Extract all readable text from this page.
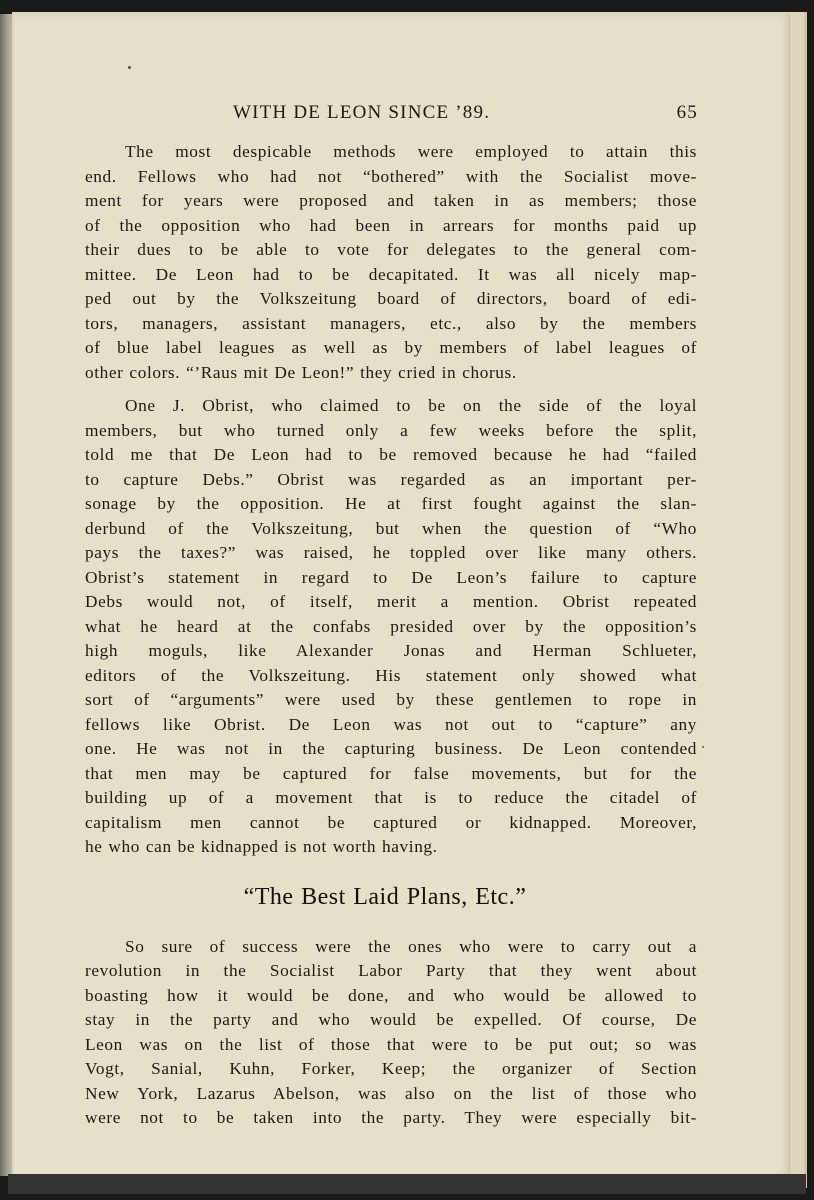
WITH DE LEON SINCE ’89.	65
The most despicable methods were employed to attain this
end. Fellows who had not “bothered” with the Socialist move-
ment for years were proposed and taken in as members; those
of the opposition who had been in arrears for months paid up
their dues to be able to vote for delegates to the general com-
mittee. De Leon had to be decapitated. It was all nicely map-
ped out by the Volkszeitung board of directors, board of edi-
tors, managers, assistant managers, etc., also by the members
of blue label leagues as well as by members of label leagues of
other colors. “’Raus mit De Leon!” they cried in chorus.
One J. Obrist, who claimed to be on the side of the loyal
members, but who turned only a few weeks before the split,
told me that De Leon had to be removed because he had “failed
to capture Debs.” Obrist was regarded as an important per-
sonage by the opposition. He at first fought against the slan-
derbund of the Volkszeitung, but when the question of “Who
pays the taxes?” was raised, he toppled over like many others.
Obrist’s statement in regard to De Leon’s failure to capture
Debs would not, of itself, merit a mention. Obrist repeated
what he heard at the confabs presided over by the opposition’s
high moguls, like Alexander Jonas and Herman Schlueter,
editors of the Volkszeitung. His statement only showed what
sort of “arguments” were used by these gentlemen to rope in
fellows like Obrist. De Leon was not out to “capture” any
one. He was not in the capturing business. De Leon contended
that men may be captured for false movements, but for the
building up of a movement that is to reduce the citadel of
capitalism men cannot be captured or kidnapped. Moreover,
he who can be kidnapped is not worth having.
“The Best Laid Plans, Etc.”
So sure of success were the ones who were to carry out a
revolution in the Socialist Labor Party that they went about
boasting how it would be done, and who would be allowed to
stay in the party and who would be expelled. Of course, De
Leon was on the list of those that were to be put out; so was
Vogt, Sanial, Kuhn, Forker, Keep; the organizer of Section
New York, Lazarus Abelson, was also on the list of those who
were not to be taken into the party. They were especially bit-
